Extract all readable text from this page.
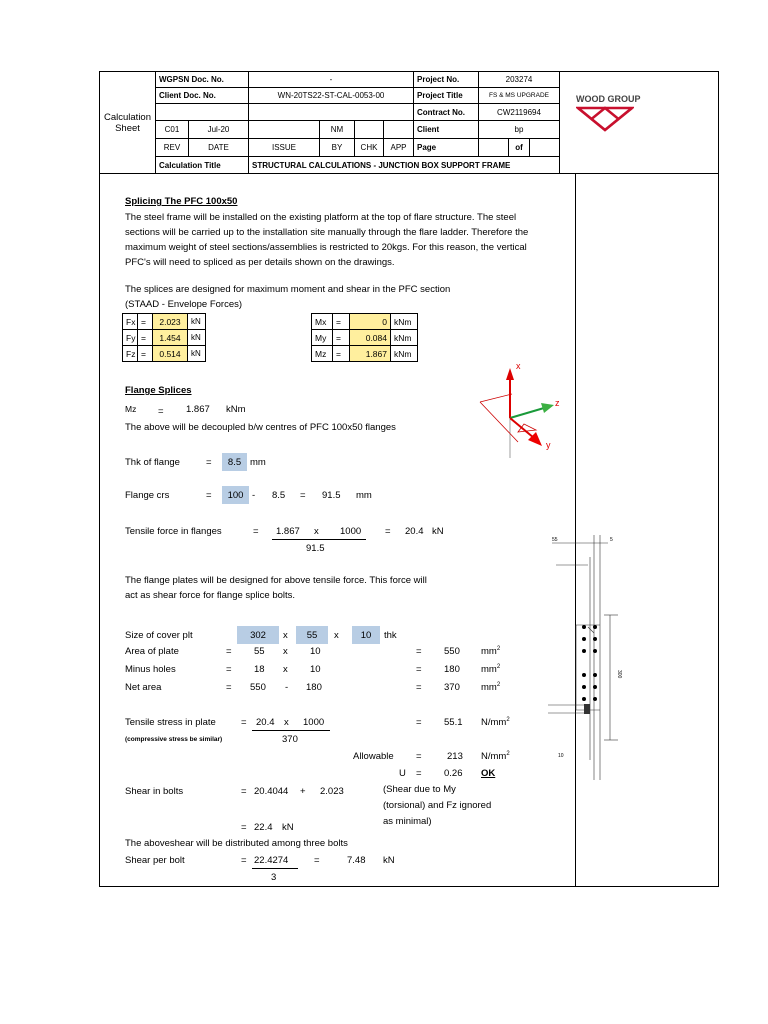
Calculation Sheet
WGPSN Doc. No.	-	Project No.	203274
Client Doc. No.	WN-20TS22-ST-CAL-0053-00	Project Title	FS & MS UPGRADE
Contract No.	CW2119694
C01	Jul-20	NM	Client	bp
REV	DATE	ISSUE	BY	CHK	APP	Page	of
Calculation Title	STRUCTURAL CALCULATIONS - JUNCTION BOX SUPPORT FRAME
WOOD GROUP
Splicing The PFC 100x50
The steel frame will be installed on the existing platform at the top of flare structure. The steel
sections will be carried up to the installation site manually through the flare ladder. Therefore the
maximum weight of steel sections/assemblies is restricted to 20kgs. For this reason, the vertical
PFC's will need to spliced as per details shown on the drawings.
The splices are designed for maximum moment and shear in the PFC section
(STAAD - Envelope Forces)
Fx =	2.023	kN
Fy =	1.454	kN
Fz =	0.514	kN
Mx	=	0 kNm
My	=	0.084 kNm
Mz	=	1.867 kNm
x
z
y
Flange Splices
Mz = 1.867 kNm
The above will be decoupled b/w centres of PFC 100x50 flanges
Thk of flange	=	8.5 mm
Flange crs	=	100 - 8.5 = 91.5 mm
Tensile force in flanges	= 1.867 x 1000	= 20.4 kN
91.5
The flange plates will be designed for above tensile force. This force will
act as shear force for flange splice bolts.
Size of cover plt	302	x	55	x	10	thk
Area of plate	= 55 x 10	= 550 $mm^2$
Minus holes	= 18 x 10	= 180 $mm^2$
Net area	= 550 - 180	= 370 $mm^2$
Tensile stress in plate	= 20.4 x 1000	= 55.1 $N/mm^2$
(compressive stress be similar)	370
Allowable =	213 $N/mm^2$
U = 0.26 OK
Shear in bolts	= 20.4044 + 2.023	(Shear due to My
(torsional) and Fz ignored
as minimal)
= 22.4 kN
The aboveshear will be distributed among three bolts
Shear per bolt	= 22.4274	=	7.48 kN
3
55	5
300
10
